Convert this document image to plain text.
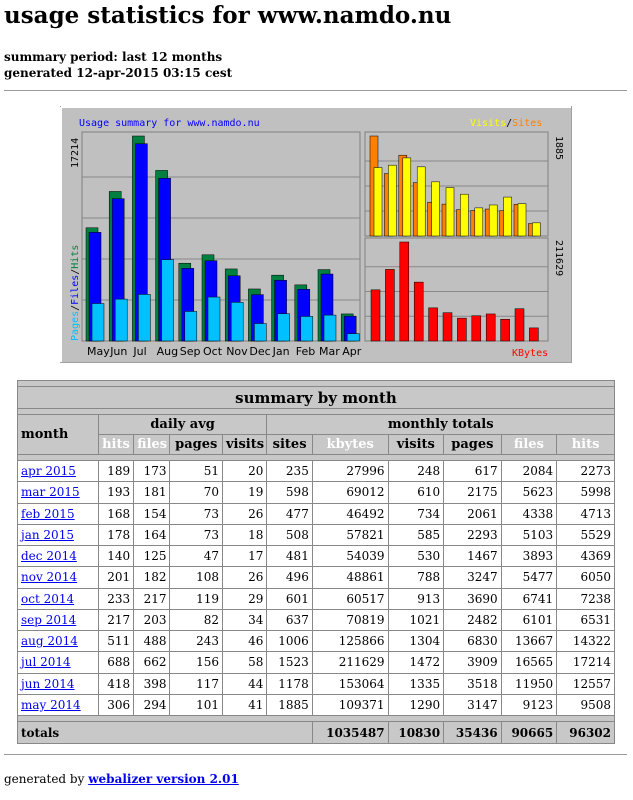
usage statistics for www.namdo.nu
summary period: last 12 months
generated 12-apr-2015 03:15 cest
Usage summary for www.namdo.nu
May Jun Jul Aug Sep Oct Nov Dec Jan Feb Mar Apr
17214
Pages/Files/Hits
1885
Visits/Sites
211629
KBytes

summary by month										

month	daily avg				monthly totals					
	hits	files	pages	visits	sites	kbytes	visits	pages	files	hits

apr 2015	189	173	51	20	235	27996	248	617	2084	2273
mar 2015	193	181	70	19	598	69012	610	2175	5623	5998
feb 2015	168	154	73	26	477	46492	734	2061	4338	4713
jan 2015	178	164	73	18	508	57821	585	2293	5103	5529
dec 2014	140	125	47	17	481	54039	530	1467	3893	4369
nov 2014	201	182	108	26	496	48861	788	3247	5477	6050
oct 2014	233	217	119	29	601	60517	913	3690	6741	7238
sep 2014	217	203	82	34	637	70819	1021	2482	6101	6531
aug 2014	511	488	243	46	1006	125866	1304	6830	13667	14322
jul 2014	688	662	156	58	1523	211629	1472	3909	16565	17214
jun 2014	418	398	117	44	1178	153064	1335	3518	11950	12557
may 2014	306	294	101	41	1885	109371	1290	3147	9123	9508

totals						1035487	10830	35436	90665	96302
generated by webalizer version 2.01
